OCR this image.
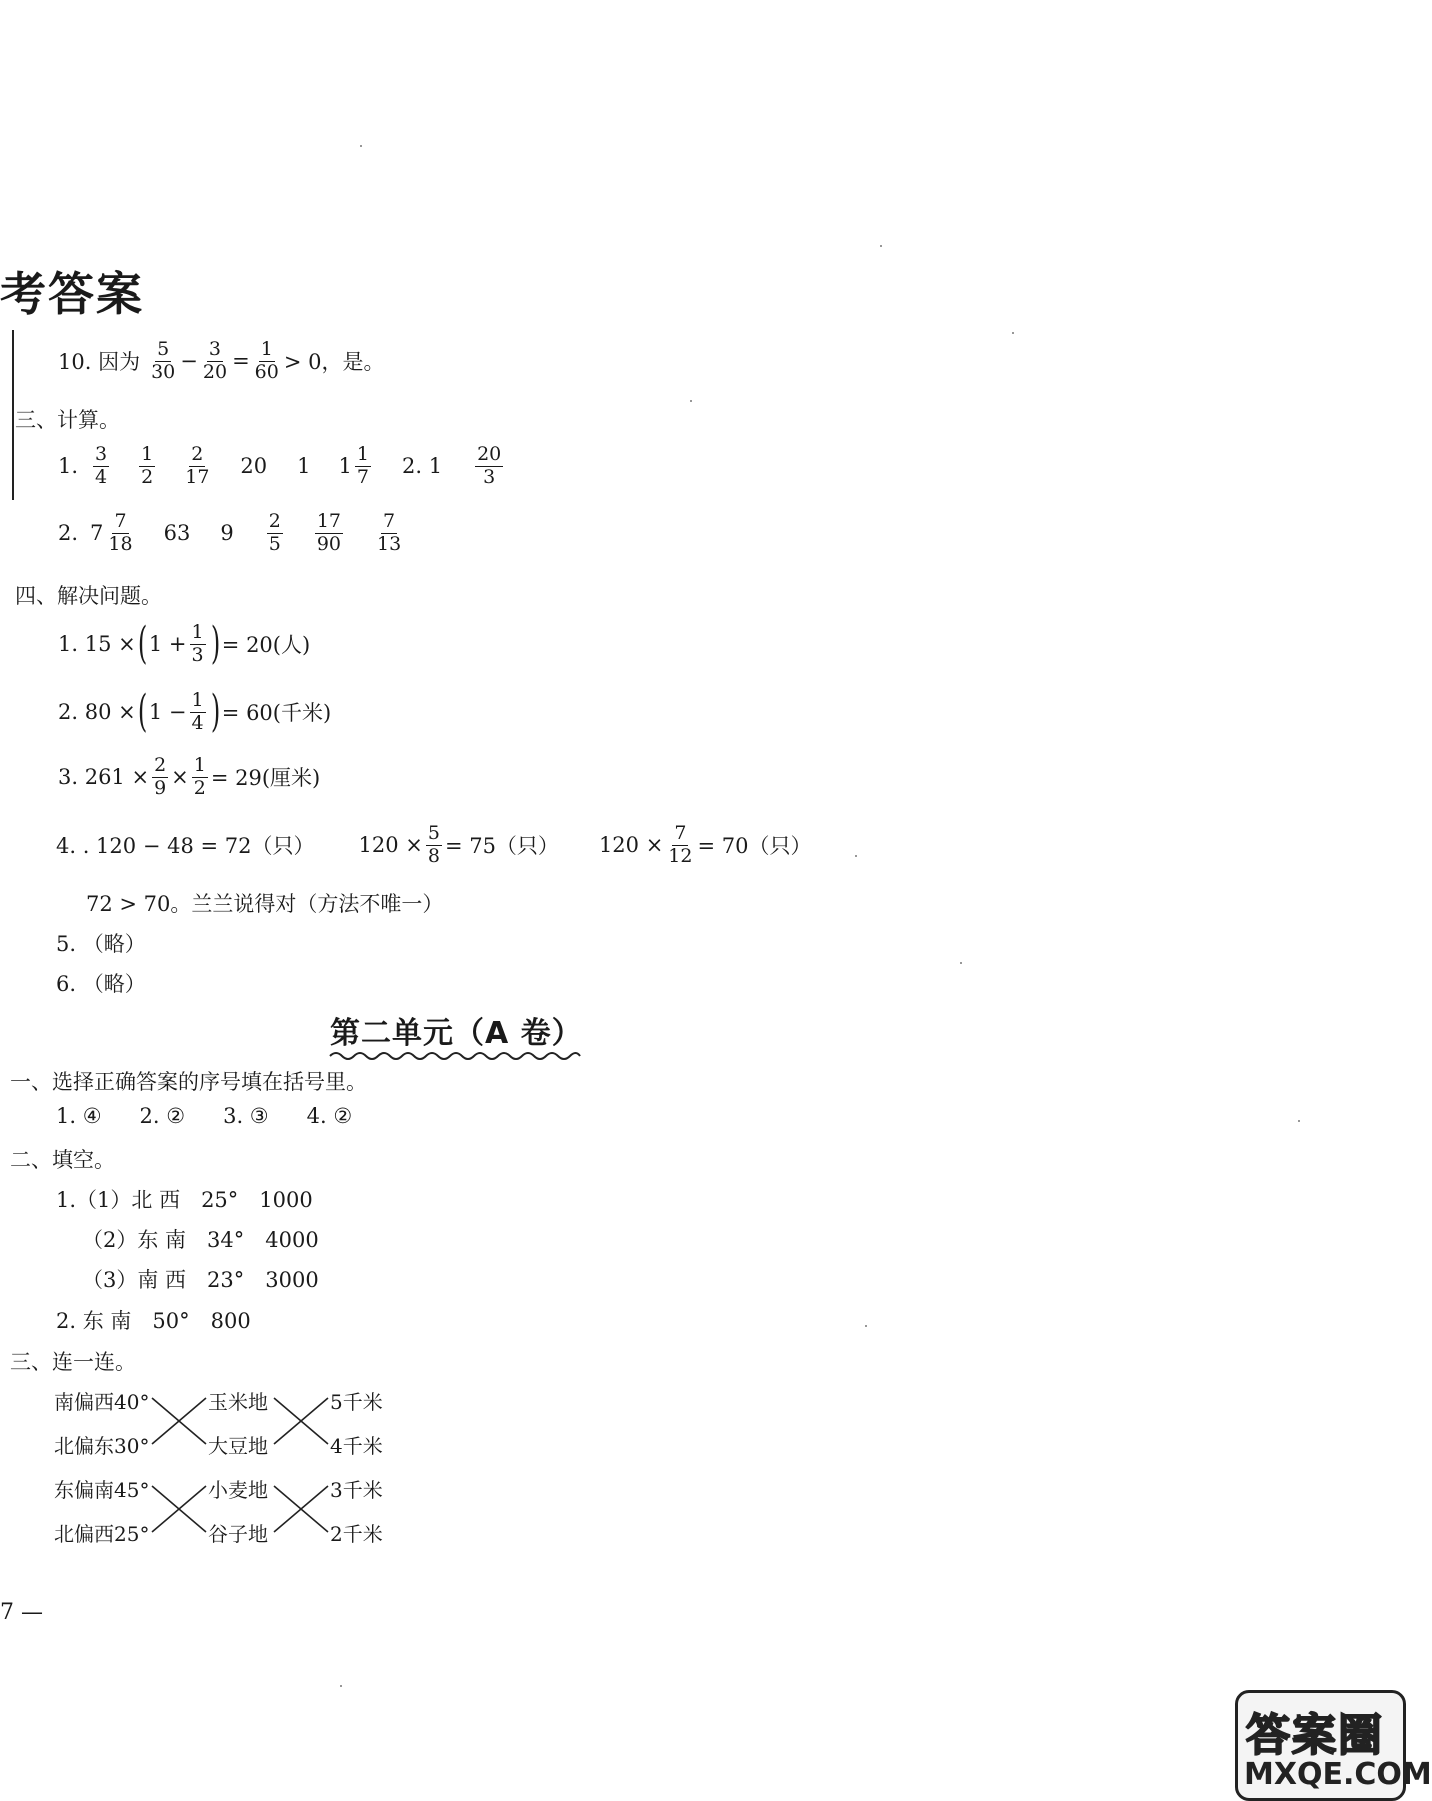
考答案
10. 因为 $\frac{5}{30} - \frac{3}{20} = \frac{1}{60} > 0$，是。
三、计算。
1. $\frac{3}{4} \frac{1}{2} \frac{2}{17} 20$ 1 $1 \frac{1}{7} 2$. $1 \frac{20}{3}$
2. $7 \frac{7}{18} 63$ $9 \frac{2}{5} \frac{17}{90} \frac{7}{13}$
四、解决问题。
1. 15 × ( $1 + \frac{1}{3}$ ) = 20(人)
2. 80 × ( $1 - \frac{1}{4}$ ) = 60(千米)
3. $261 \times \frac{2}{9} \times \frac{1}{2} = 29$(厘米)
4. . 120 − 48 = 72（只） $120 \times \frac{5}{8} = 75$（只） $120 \times \frac{7}{12} = 70$（只）
72 > 70。兰兰说得对（方法不唯一）
5. （略）
6. （略）
第二单元（A 卷）
一、选择正确答案的序号填在括号里。
1. ④ 2. ② 3. ③ 4. ②
二、填空。
1.（1）北 西　25°　1000
（2）东 南　34°　4000
（3）南 西　23°　3000
2. 东 南　50°　800
三、连一连。
南偏西40°
北偏东30°
玉米地
大豆地
5千米
4千米
东偏南45°
北偏西25°
小麦地
谷子地
3千米
2千米
7 —
答案圈
MXQE.COM
